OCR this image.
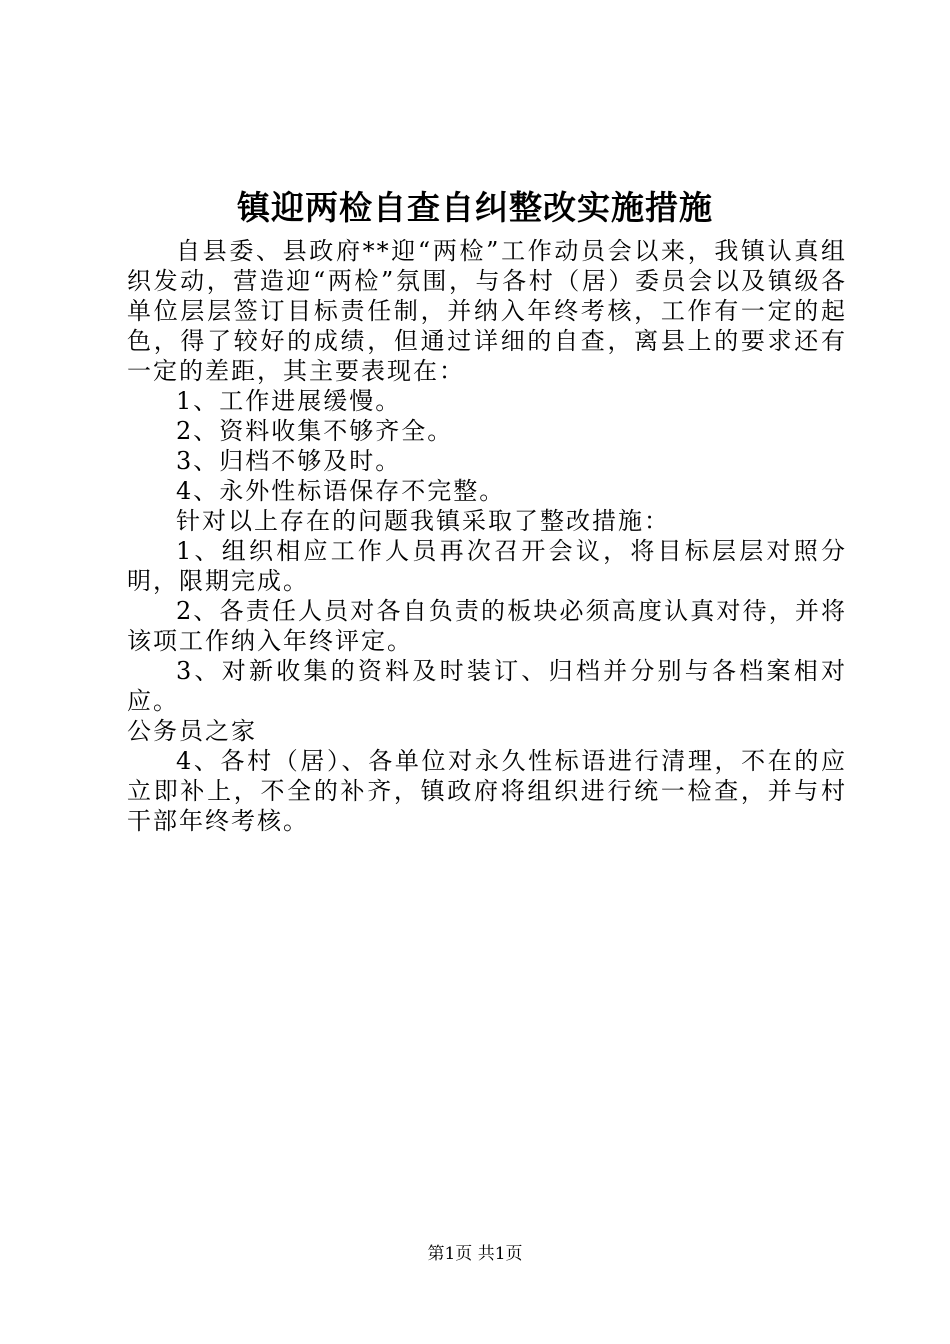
镇迎两检自查自纠整改实施措施

自县委、县政府**迎“两检”工作动员会以来，我镇认真组织发动，营造迎“两检”氛围，与各村（居）委员会以及镇级各单位层层签订目标责任制，并纳入年终考核，工作有一定的起色，得了较好的成绩，但通过详细的自查，离县上的要求还有一定的差距，其主要表现在：

1、工作进展缓慢。

2、资料收集不够齐全。

3、归档不够及时。

4、永外性标语保存不完整。

针对以上存在的问题我镇采取了整改措施：

1、组织相应工作人员再次召开会议，将目标层层对照分明，限期完成。

2、各责任人员对各自负责的板块必须高度认真对待，并将该项工作纳入年终评定。

3、对新收集的资料及时装订、归档并分别与各档案相对应。

公务员之家

4、各村（居）、各单位对永久性标语进行清理，不在的应立即补上，不全的补齐，镇政府将组织进行统一检查，并与村干部年终考核。

第1页 共1页
